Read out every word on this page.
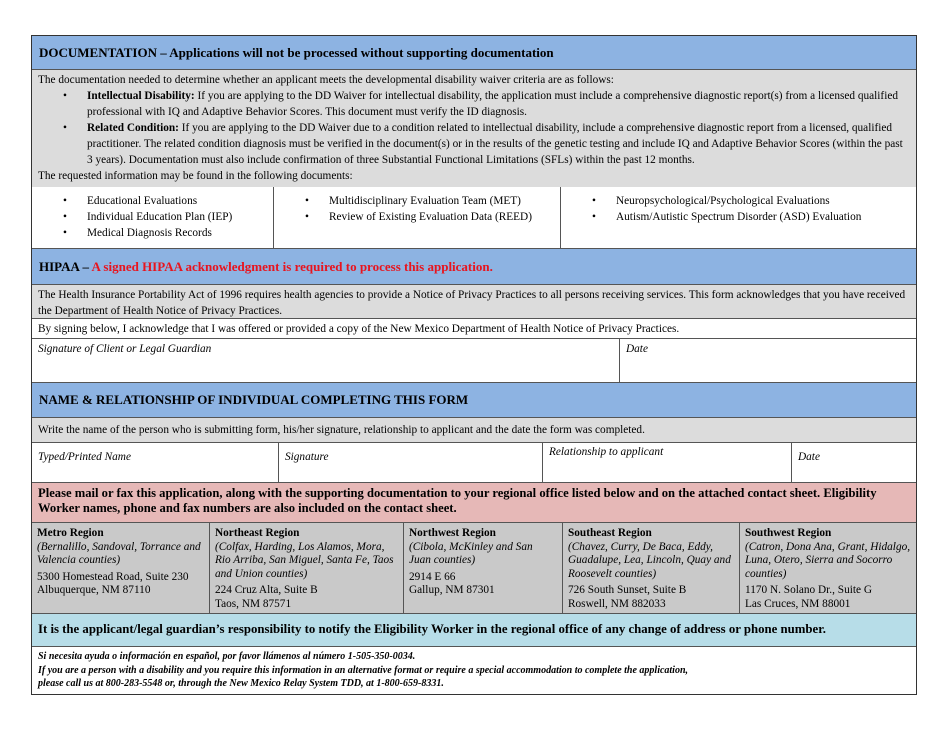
DOCUMENTATION – Applications will not be processed without supporting documentation
The documentation needed to determine whether an applicant meets the developmental disability waiver criteria are as follows:
• Intellectual Disability: If you are applying to the DD Waiver for intellectual disability, the application must include a comprehensive diagnostic report(s) from a licensed qualified professional with IQ and Adaptive Behavior Scores. This document must verify the ID diagnosis.
• Related Condition: If you are applying to the DD Waiver due to a condition related to intellectual disability, include a comprehensive diagnostic report from a licensed, qualified practitioner. The related condition diagnosis must be verified in the document(s) or in the results of the genetic testing and include IQ and Adaptive Behavior Scores (within the past 3 years). Documentation must also include confirmation of three Substantial Functional Limitations (SFLs) within the past 12 months.
The requested information may be found in the following documents:
• Educational Evaluations
• Individual Education Plan (IEP)
• Medical Diagnosis Records
• Multidisciplinary Evaluation Team (MET)
• Review of Existing Evaluation Data (REED)
• Neuropsychological/Psychological Evaluations
• Autism/Autistic Spectrum Disorder (ASD) Evaluation
HIPAA – A signed HIPAA acknowledgment is required to process this application.
The Health Insurance Portability Act of 1996 requires health agencies to provide a Notice of Privacy Practices to all persons receiving services. This form acknowledges that you have received the Department of Health Notice of Privacy Practices.
By signing below, I acknowledge that I was offered or provided a copy of the New Mexico Department of Health Notice of Privacy Practices.
Signature of Client or Legal Guardian	Date
NAME & RELATIONSHIP OF INDIVIDUAL COMPLETING THIS FORM
Write the name of the person who is submitting form, his/her signature, relationship to applicant and the date the form was completed.
Typed/Printed Name	Signature	Relationship to applicant	Date
Please mail or fax this application, along with the supporting documentation to your regional office listed below and on the attached contact sheet. Eligibility Worker names, phone and fax numbers are also included on the contact sheet.
Metro Region
(Bernalillo, Sandoval, Torrance and Valencia counties)
5300 Homestead Road, Suite 230
Albuquerque, NM 87110
Northeast Region
(Colfax, Harding, Los Alamos, Mora, Rio Arriba, San Miguel, Santa Fe, Taos and Union counties)
224 Cruz Alta, Suite B
Taos, NM 87571
Northwest Region
(Cibola, McKinley and San Juan counties)
2914 E 66
Gallup, NM 87301
Southeast Region
(Chavez, Curry, De Baca, Eddy, Guadalupe, Lea, Lincoln, Quay and Roosevelt counties)
726 South Sunset, Suite B
Roswell, NM 882033
Southwest Region
(Catron, Dona Ana, Grant, Hidalgo, Luna, Otero, Sierra and Socorro counties)
1170 N. Solano Dr., Suite G
Las Cruces, NM 88001
It is the applicant/legal guardian’s responsibility to notify the Eligibility Worker in the regional office of any change of address or phone number.
Si necesita ayuda o información en español, por favor llámenos al número 1-505-350-0034.
If you are a person with a disability and you require this information in an alternative format or require a special accommodation to complete the application,
please call us at 800-283-5548 or, through the New Mexico Relay System TDD, at 1-800-659-8331.
